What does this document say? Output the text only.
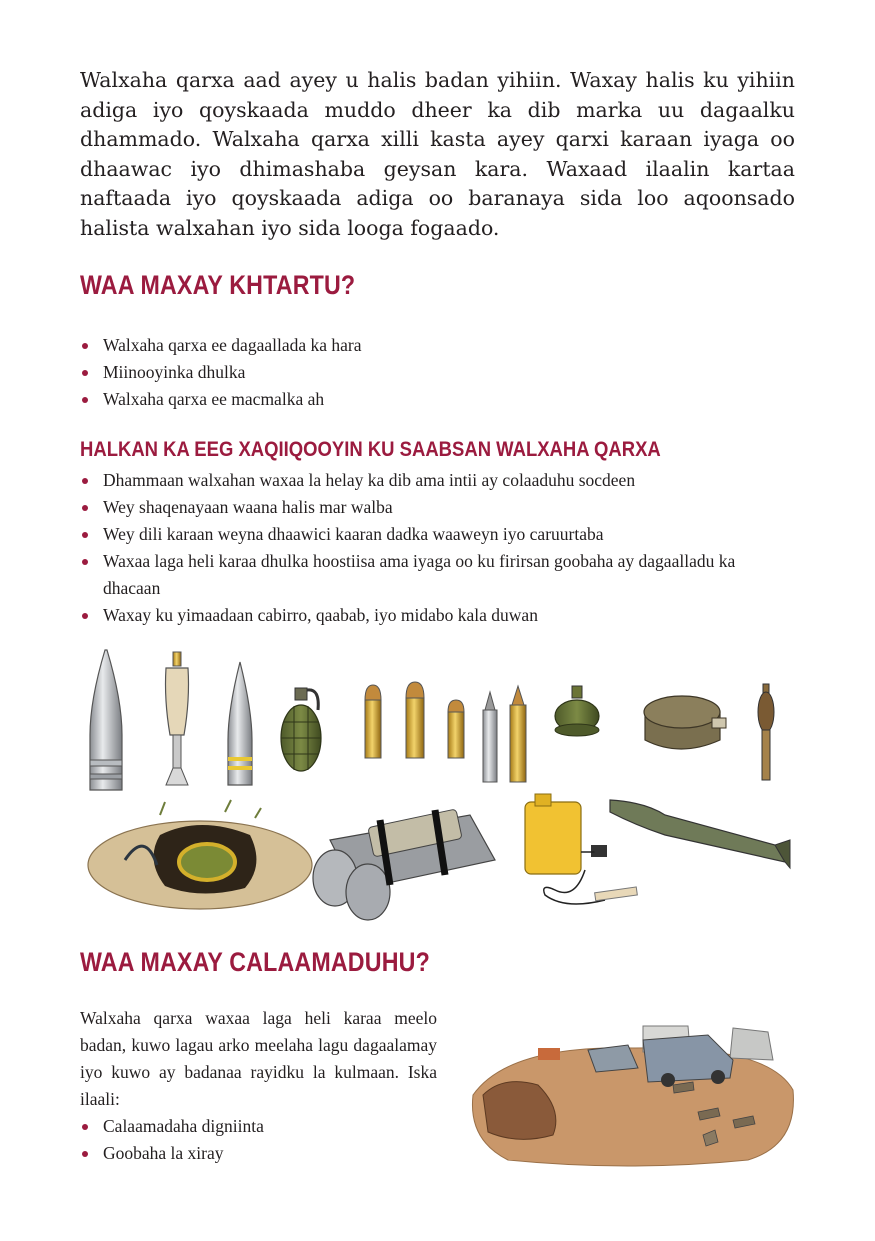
Walxaha qarxa aad ayey u halis badan yihiin. Waxay halis ku yihiin adiga iyo qoyskaada muddo dheer ka dib marka uu dagaalku dhammado. Walxaha qarxa xilli kasta ayey qarxi karaan iyaga oo dhaawac iyo dhimashaba geysan kara. Waxaad ilaalin kartaa naftaada iyo qoyskaada adiga oo baranaya sida loo aqoonsado halista walxahan iyo sida looga fogaado.

WAA MAXAY KHTARTU?
Walxaha qarxa ee dagaallada ka hara
Miinooyinka dhulka
Walxaha qarxa ee macmalka ah
HALKAN KA EEG XAQIIQOOYIN KU SAABSAN WALXAHA QARXA
Dhammaan walxahan waxaa la helay ka dib ama intii ay colaaduhu socdeen
Wey shaqenayaan waana halis mar walba
Wey dili karaan weyna dhaawici kaaran dadka waaweyn iyo caruurtaba
Waxaa laga heli karaa dhulka hoostiisa ama iyaga oo ku firirsan goobaha ay dagaalladu ka dhacaan
Waxay ku yimaadaan cabirro, qaabab, iyo midabo kala duwan
WAA MAXAY CALAAMADUHU?

Walxaha qarxa waxaa laga heli karaa meelo badan, kuwo lagau arko meelaha lagu dagaalamay iyo kuwo ay badanaa rayidku la kulmaan. Iska ilaali:

Calaamadaha digniinta
Goobaha la xiray
